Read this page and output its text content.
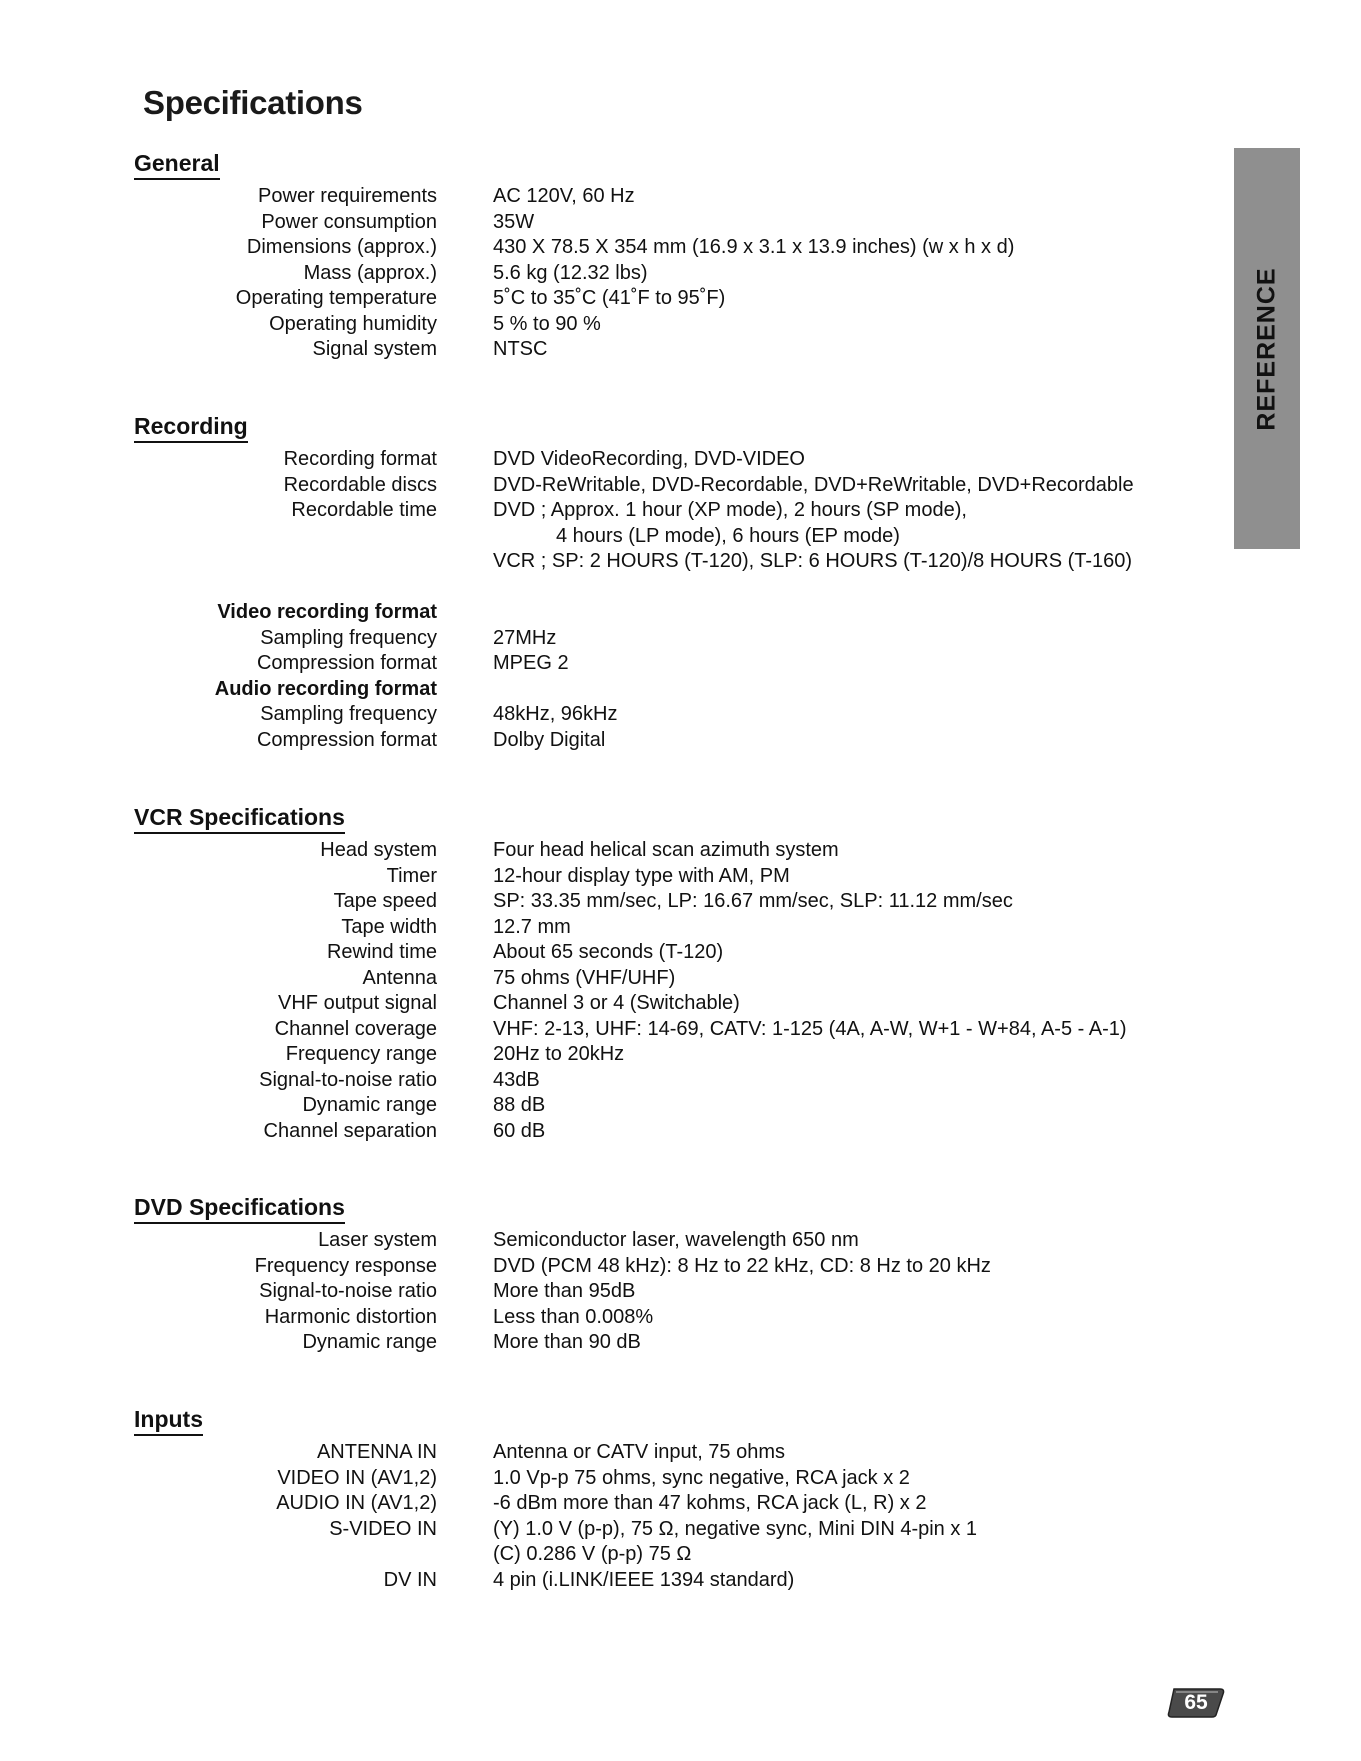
Specifications
REFERENCE
General
Power requirements	AC 120V, 60 Hz
Power consumption	35W
Dimensions (approx.)	430 X 78.5 X 354 mm (16.9 x 3.1 x 13.9 inches) (w x h x d)
Mass (approx.)	5.6 kg (12.32 lbs)
Operating temperature	5˚C to 35˚C (41˚F to 95˚F)
Operating humidity	5 % to 90 %
Signal system	NTSC
Recording
Recording format	DVD VideoRecording, DVD-VIDEO
Recordable discs	DVD-ReWritable, DVD-Recordable, DVD+ReWritable, DVD+Recordable
Recordable time	DVD ; Approx. 1 hour (XP mode), 2 hours (SP mode),
4 hours (LP mode), 6 hours (EP mode)
VCR ; SP: 2 HOURS (T-120), SLP: 6 HOURS (T-120)/8 HOURS (T-160)
Video recording format
Sampling frequency	27MHz
Compression format	MPEG 2
Audio recording format
Sampling frequency	48kHz, 96kHz
Compression format	Dolby Digital
VCR Specifications
Head system	Four head helical scan azimuth system
Timer	12-hour display type with AM, PM
Tape speed	SP: 33.35 mm/sec, LP: 16.67 mm/sec, SLP: 11.12 mm/sec
Tape width	12.7 mm
Rewind time	About 65 seconds (T-120)
Antenna	75 ohms (VHF/UHF)
VHF output signal	Channel 3 or 4 (Switchable)
Channel coverage	VHF: 2-13, UHF: 14-69, CATV: 1-125 (4A, A-W, W+1 - W+84, A-5 - A-1)
Frequency range	20Hz to 20kHz
Signal-to-noise ratio	43dB
Dynamic range	88 dB
Channel separation	60 dB
DVD Specifications
Laser system	Semiconductor laser, wavelength 650 nm
Frequency response	DVD (PCM 48 kHz): 8 Hz to 22 kHz, CD: 8 Hz to 20 kHz
Signal-to-noise ratio	More than 95dB
Harmonic distortion	Less than 0.008%
Dynamic range	More than 90 dB
Inputs
ANTENNA IN	Antenna or CATV input, 75 ohms
VIDEO IN (AV1,2)	1.0 Vp-p 75 ohms, sync negative, RCA jack x 2
AUDIO IN (AV1,2)	-6 dBm more than 47 kohms, RCA jack (L, R) x 2
S-VIDEO IN	(Y) 1.0 V (p-p), 75 Ω, negative sync, Mini DIN 4-pin x 1
(C) 0.286 V (p-p) 75 Ω
DV IN	4 pin (i.LINK/IEEE 1394 standard)
65
